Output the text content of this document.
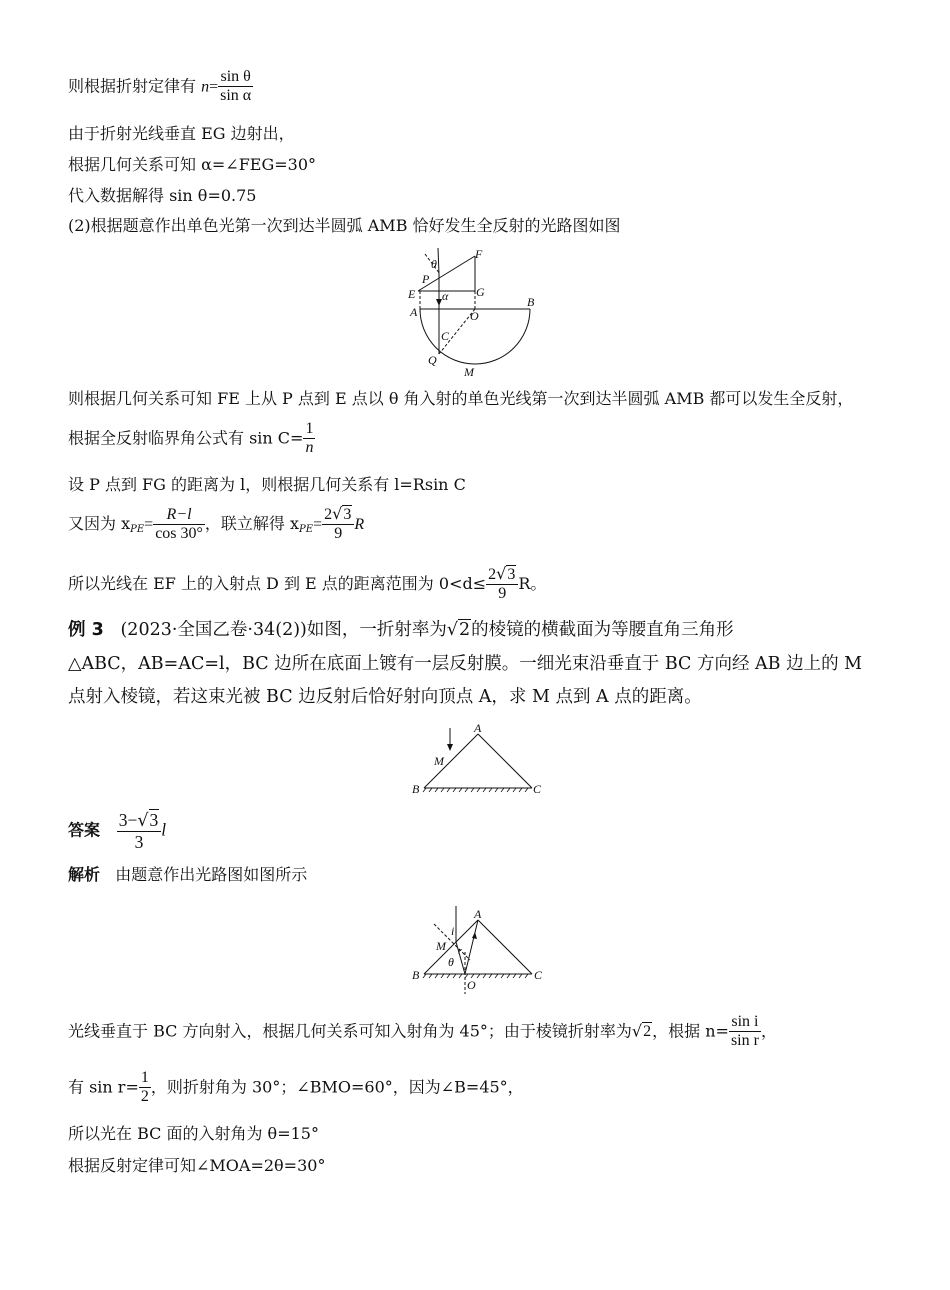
则根据折射定律有 $n= \frac{\text{sin θ}}{\text{sin α}}$
由于折射光线垂直 EG 边射出，
根据几何关系可知 α=∠FEG=30°
代入数据解得 sin θ=0.75
(2)根据题意作出单色光第一次到达半圆弧 AMB 恰好发生全反射的光路图如图
F
θ
P
E α G
B
A	O
C
Q
M
则根据几何关系可知 FE 上从 P 点到 E 点以 θ 角入射的单色光线第一次到达半圆弧 AMB 都可以发生全反射，
根据全反射临界角公式有 $\sin C= \frac{1}{n}$
设 P 点到 FG 的距离为 l，则根据几何关系有 l=Rsin C
又因为 $x_{PE}= \frac{R-l}{\cos 30^\circ}$ ，联立解得 $x_{PE}= \frac{2√3}{9}$ R
所以光线在 EF 上的入射点 D 到 E 点的距离范围为 $0<d\le \frac{2√3}{9}$ R。
例 3 (2023·全国乙卷·34(2))如图，一折射率为√2的棱镜的横截面为等腰直角三角形
△ABC，AB=AC=l，BC 边所在底面上镀有一层反射膜。一细光束沿垂直于 BC 方向经 AB 边上的 M
点射入棱镜，若这束光被 BC 边反射后恰好射向顶点 A，求 M 点到 A 点的距离。
A
M
B	C
答案 $\frac{3-√3}{3}$ l
解析 由题意作出光路图如图所示
A
i
M r
θ
B
O
C
光线垂直于 BC 方向射入，根据几何关系可知入射角为 45°；由于棱镜折射率为√2，根据 $n= \frac{\text{sin i}}{\text{sin r}}$ ，
有 $\sin r= \frac{1}{2}$ ，则折射角为 30°；∠BMO=60°，因为∠B=45°，
所以光在 BC 面的入射角为 θ=15°
根据反射定律可知∠MOA=2θ=30°
